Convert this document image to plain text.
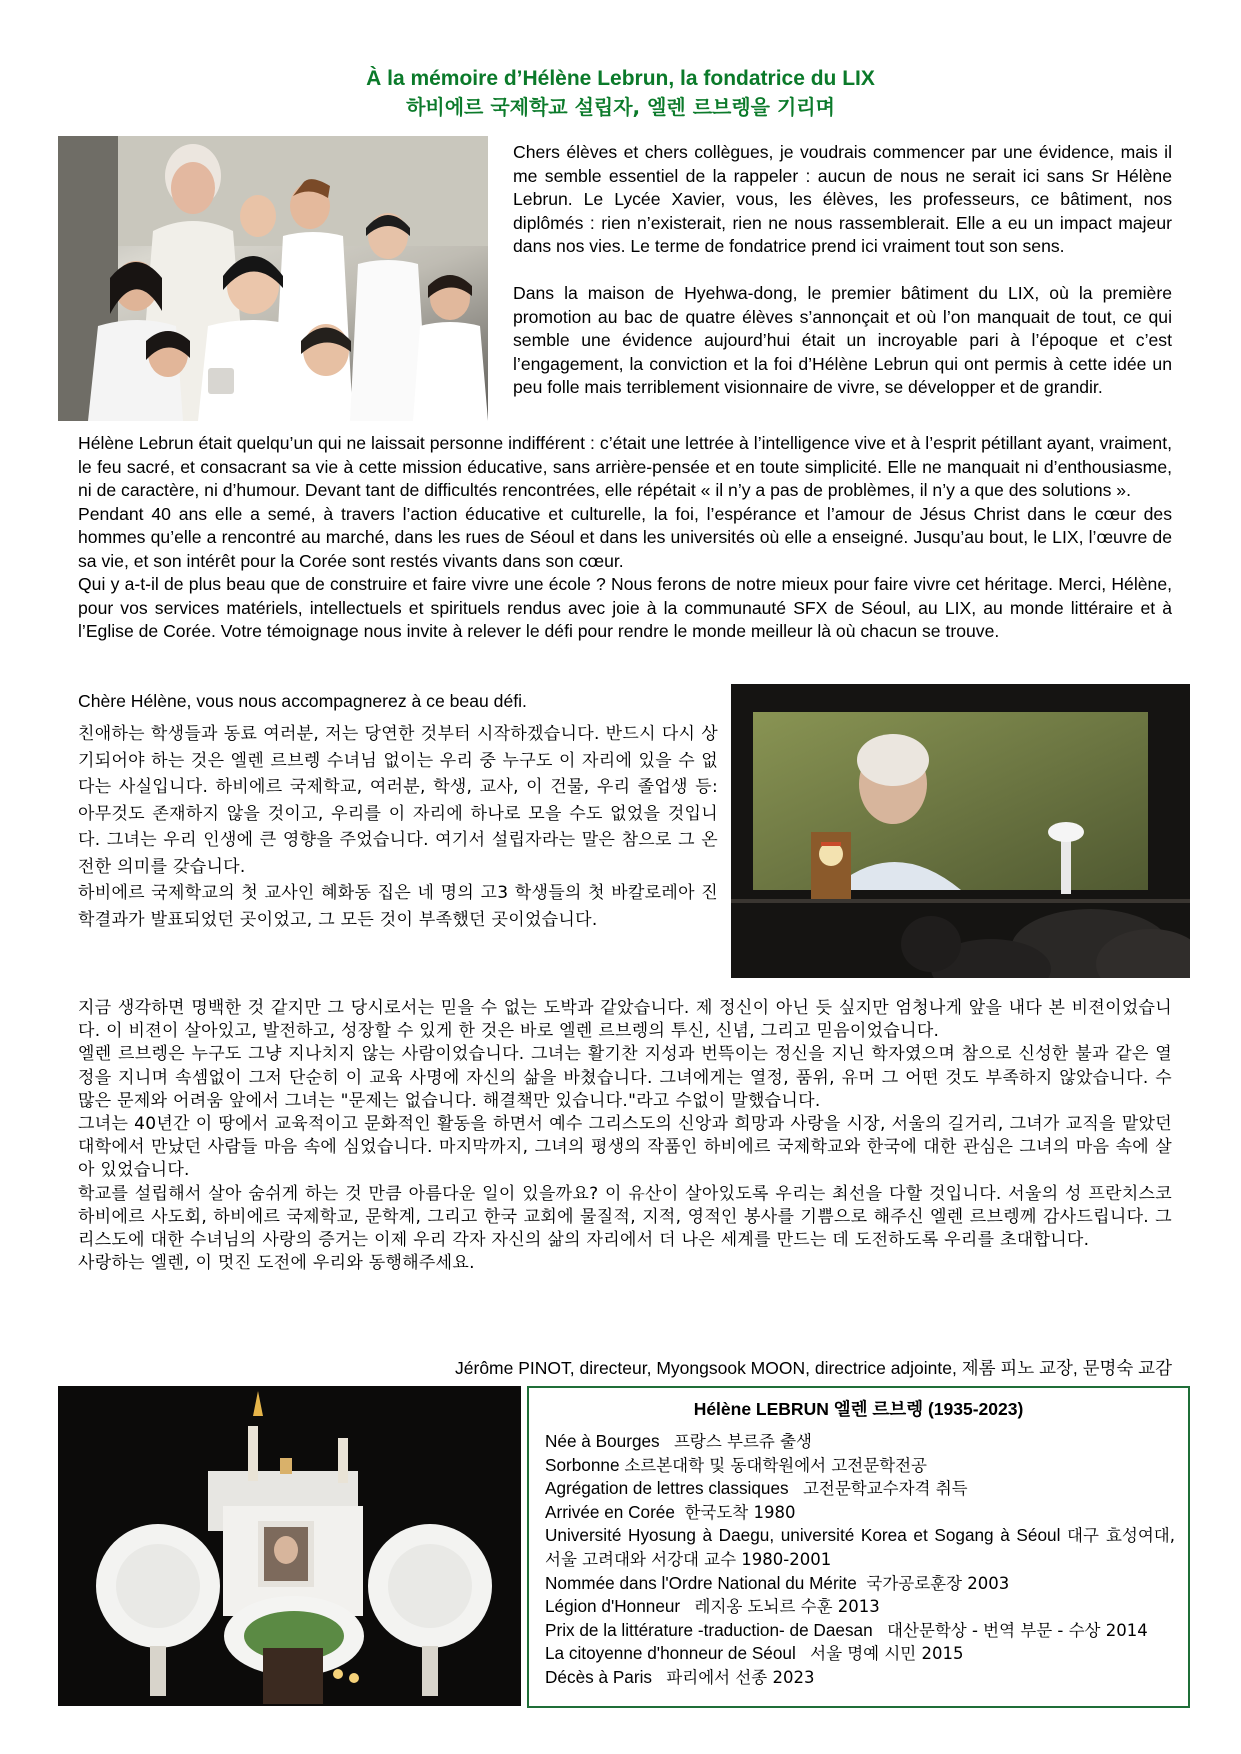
À la mémoire d’Hélène Lebrun, la fondatrice du LIX
하비에르 국제학교 설립자, 엘렌 르브렝을 기리며
Chers élèves et chers collègues, je voudrais commencer par une évidence, mais il me semble essentiel de la rappeler : aucun de nous ne serait ici sans Sr Hélène Lebrun. Le Lycée Xavier, vous, les élèves, les professeurs, ce bâtiment, nos diplômés : rien n’existerait, rien ne nous rassemblerait. Elle a eu un impact majeur dans nos vies. Le terme de fondatrice prend ici vraiment tout son sens.
Dans la maison de Hyehwa-dong, le premier bâtiment du LIX, où la première promotion au bac de quatre élèves s’annonçait et où l’on manquait de tout, ce qui semble une évidence aujourd’hui était un incroyable pari à l’époque et c’est l’engagement, la conviction et la foi d’Hélène Lebrun qui ont permis à cette idée un peu folle mais terriblement visionnaire de vivre, se développer et de grandir.
Hélène Lebrun était quelqu’un qui ne laissait personne indifférent : c’était une lettrée à l’intelligence vive et à l’esprit pétillant ayant, vraiment, le feu sacré, et consacrant sa vie à cette mission éducative, sans arrière-pensée et en toute simplicité. Elle ne manquait ni d’enthousiasme, ni de caractère, ni d’humour. Devant tant de difficultés rencontrées, elle répétait « il n’y a pas de problèmes, il n’y a que des solutions ».
Pendant 40 ans elle a semé, à travers l’action éducative et culturelle, la foi, l’espérance et l’amour de Jésus Christ dans le cœur des hommes qu’elle a rencontré au marché, dans les rues de Séoul et dans les universités où elle a enseigné. Jusqu’au bout, le LIX, l’œuvre de sa vie, et son intérêt pour la Corée sont restés vivants dans son cœur.
Qui y a-t-il de plus beau que de construire et faire vivre une école ? Nous ferons de notre mieux pour faire vivre cet héritage. Merci, Hélène, pour vos services matériels, intellectuels et spirituels rendus avec joie à la communauté SFX de Séoul, au LIX, au monde littéraire et à l’Eglise de Corée. Votre témoignage nous invite à relever le défi pour rendre le monde meilleur là où chacun se trouve.
Chère Hélène, vous nous accompagnerez à ce beau défi.
친애하는 학생들과 동료 여러분, 저는 당연한 것부터 시작하겠습니다. 반드시 다시 상기되어야 하는 것은 엘렌 르브렝 수녀님 없이는 우리 중 누구도 이 자리에 있을 수 없다는 사실입니다. 하비에르 국제학교, 여러분, 학생, 교사, 이 건물, 우리 졸업생 등: 아무것도 존재하지 않을 것이고, 우리를 이 자리에 하나로 모을 수도 없었을 것입니다. 그녀는 우리 인생에 큰 영향을 주었습니다. 여기서 설립자라는 말은 참으로 그 온전한 의미를 갖습니다.
하비에르 국제학교의 첫 교사인 혜화동 집은 네 명의 고3 학생들의 첫 바칼로레아 진학결과가 발표되었던 곳이었고, 그 모든 것이 부족했던 곳이었습니다.
지금 생각하면 명백한 것 같지만 그 당시로서는 믿을 수 없는 도박과 같았습니다. 제 정신이 아닌 듯 싶지만 엄청나게 앞을 내다 본 비젼이었습니다. 이 비젼이 살아있고, 발전하고, 성장할 수 있게 한 것은 바로 엘렌 르브렝의 투신, 신념, 그리고 믿음이었습니다.
엘렌 르브렝은 누구도 그냥 지나치지 않는 사람이었습니다. 그녀는 활기찬 지성과 번뜩이는 정신을 지닌 학자였으며 참으로 신성한 불과 같은 열정을 지니며 속셈없이 그저 단순히 이 교육 사명에 자신의 삶을 바쳤습니다. 그녀에게는 열정, 품위, 유머 그 어떤 것도 부족하지 않았습니다. 수 많은 문제와 어려움 앞에서 그녀는 "문제는 없습니다. 해결책만 있습니다."라고 수없이 말했습니다.
그녀는 40년간 이 땅에서 교육적이고 문화적인 활동을 하면서 예수 그리스도의 신앙과 희망과 사랑을 시장, 서울의 길거리, 그녀가 교직을 맡았던 대학에서 만났던 사람들 마음 속에 심었습니다. 마지막까지, 그녀의 평생의 작품인 하비에르 국제학교와 한국에 대한 관심은 그녀의 마음 속에 살아 있었습니다.
학교를 설립해서 살아 숨쉬게 하는 것 만큼 아름다운 일이 있을까요? 이 유산이 살아있도록 우리는 최선을 다할 것입니다. 서울의 성 프란치스코 하비에르 사도회, 하비에르 국제학교, 문학계, 그리고 한국 교회에 물질적, 지적, 영적인 봉사를 기쁨으로 해주신 엘렌 르브렝께 감사드립니다. 그리스도에 대한 수녀님의 사랑의 증거는 이제 우리 각자 자신의 삶의 자리에서 더 나은 세계를 만드는 데 도전하도록 우리를 초대합니다.
사랑하는 엘렌, 이 멋진 도전에 우리와 동행해주세요.
Jérôme PINOT, directeur, Myongsook MOON, directrice adjointe, 제롬 피노 교장, 문명숙 교감
Hélène LEBRUN 엘렌 르브렝 (1935-2023)
Née à Bourges 프랑스 부르쥬 출생
Sorbonne 소르본대학 및 동대학원에서 고전문학전공
Agrégation de lettres classiques 고전문학교수자격 취득
Arrivée en Corée 한국도착 1980
Université Hyosung à Daegu, université Korea et Sogang à Séoul 대구 효성여대, 서울 고려대와 서강대 교수 1980-2001
Nommée dans l'Ordre National du Mérite 국가공로훈장 2003
Légion d'Honneur 레지옹 도뇌르 수훈 2013
Prix de la littérature -traduction- de Daesan 대산문학상 - 번역 부문 - 수상 2014
La citoyenne d'honneur de Séoul 서울 명예 시민 2015
Décès à Paris 파리에서 선종 2023
